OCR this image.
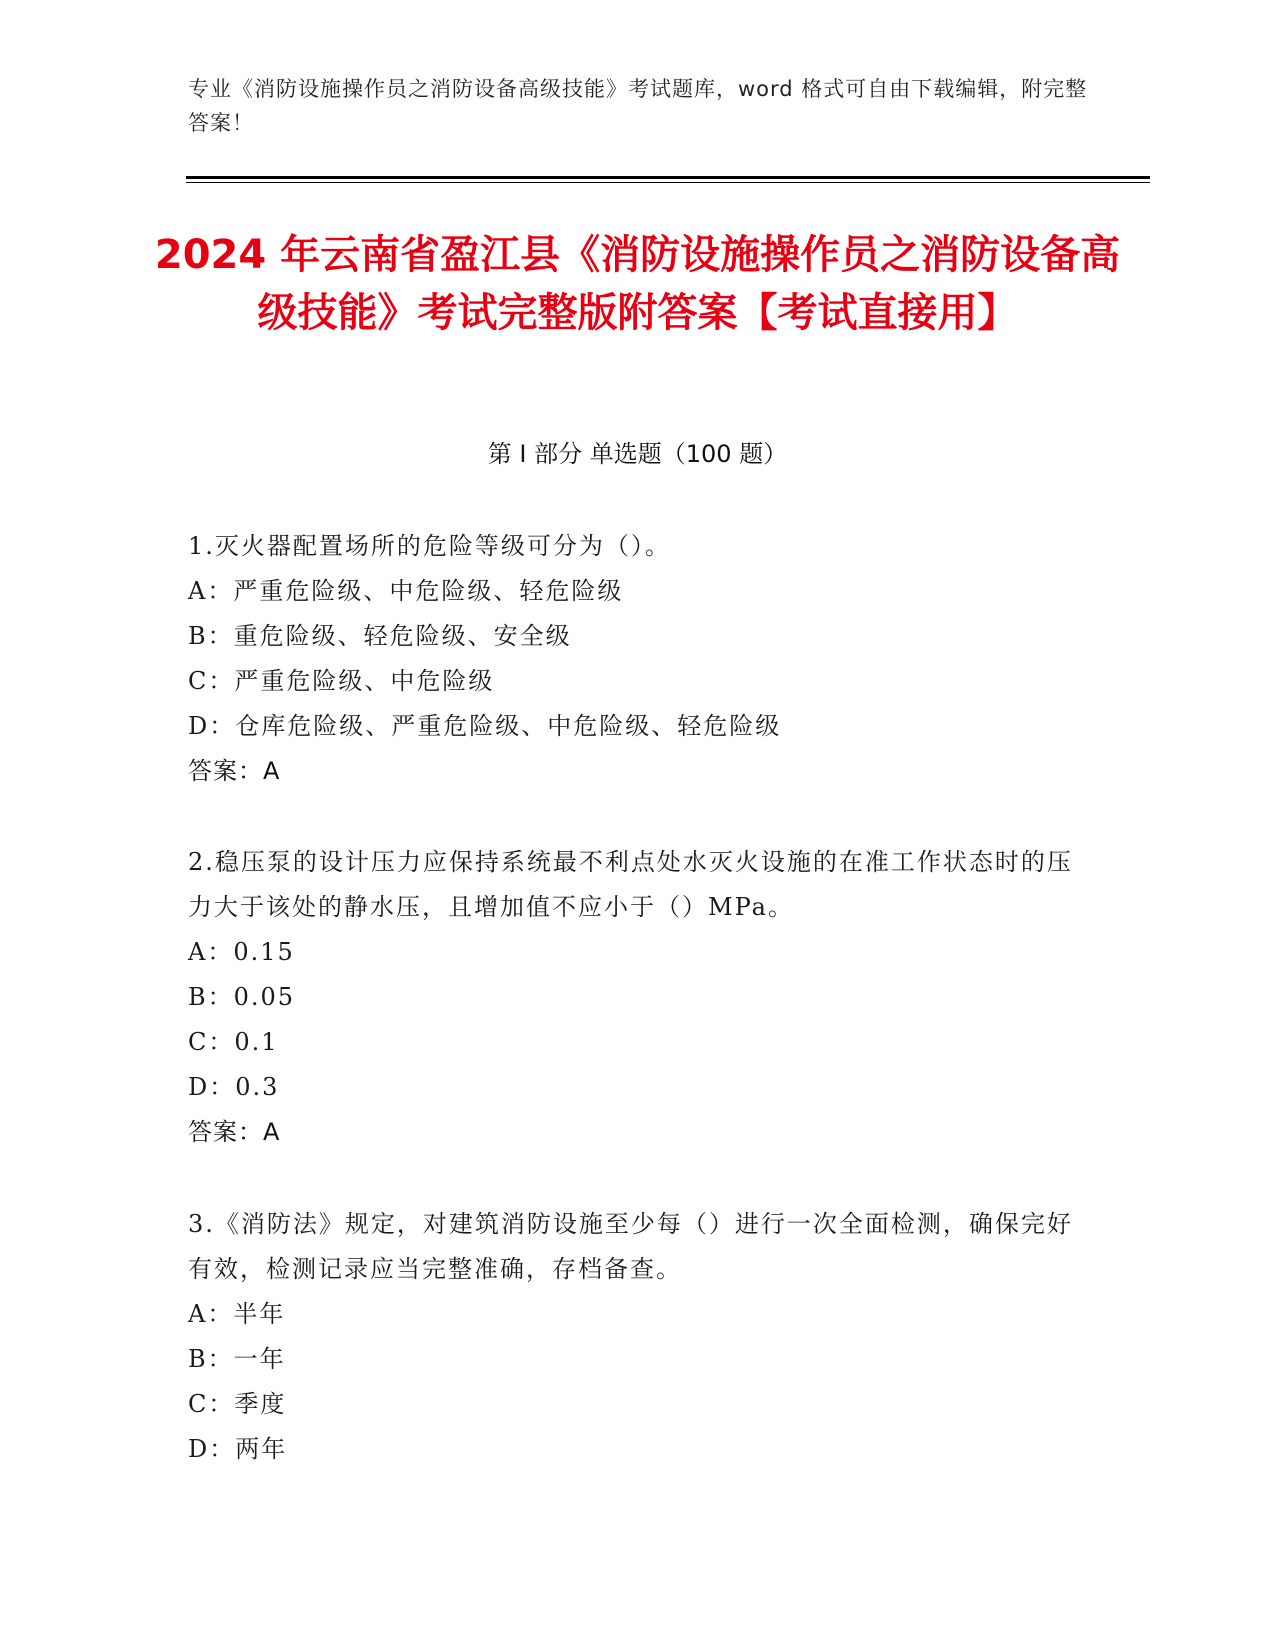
专业《消防设施操作员之消防设备高级技能》考试题库，word 格式可自由下载编辑，附完整答案！
2024 年云南省盈江县《消防设施操作员之消防设备高级技能》考试完整版附答案【考试直接用】
第 I 部分 单选题（100 题）
1.灭火器配置场所的危险等级可分为（）。
A：严重危险级、中危险级、轻危险级
B：重危险级、轻危险级、安全级
C：严重危险级、中危险级
D：仓库危险级、严重危险级、中危险级、轻危险级
答案：A
2.稳压泵的设计压力应保持系统最不利点处水灭火设施的在准工作状态时的压力大于该处的静水压，且增加值不应小于（）MPa。
A：0.15
B：0.05
C：0.1
D：0.3
答案：A
3.《消防法》规定，对建筑消防设施至少每（）进行一次全面检测，确保完好有效，检测记录应当完整准确，存档备查。
A：半年
B：一年
C：季度
D：两年
